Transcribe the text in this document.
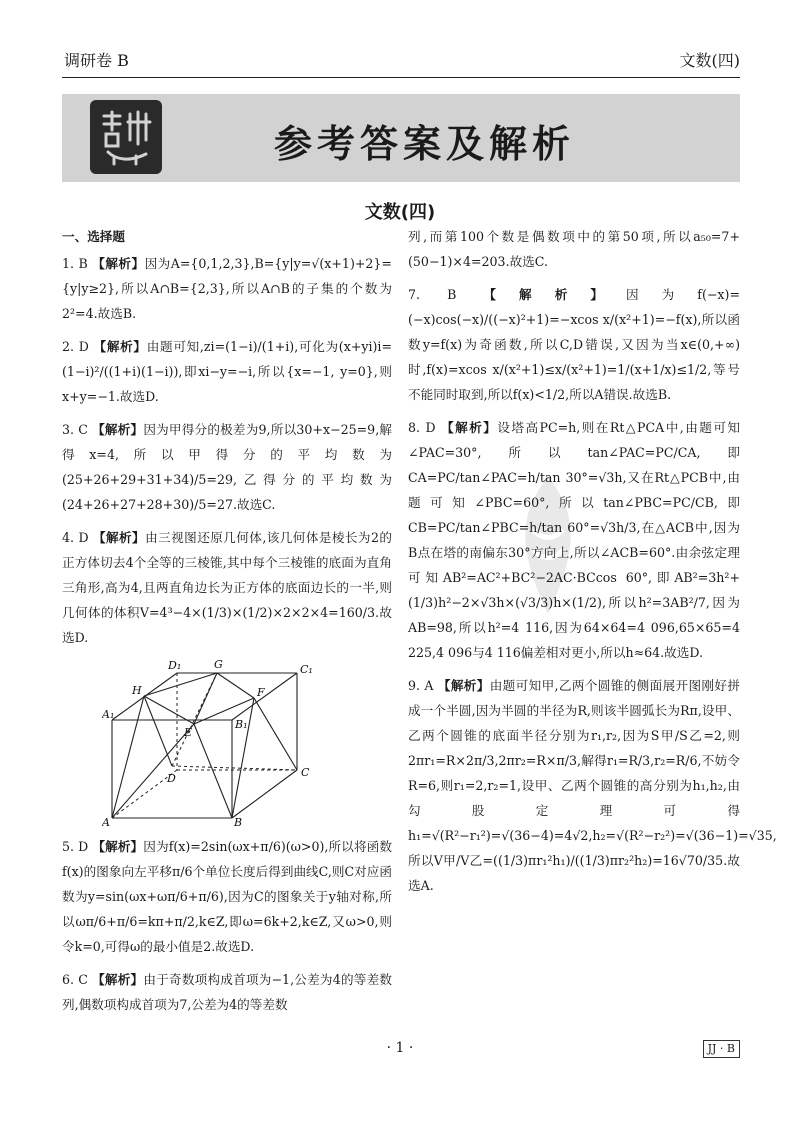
调研卷 B	文数(四)
参考答案及解析
文数(四)
一、选择题
1. B 【解析】因为A={0,1,2,3},B={y|y=√(x+1)+2}={y|y≥2},所以A∩B={2,3},所以A∩B的子集的个数为2²=4.故选B.
2. D 【解析】由题可知,zi=(1−i)/(1+i),可化为(x+yi)i=(1−i)²/((1+i)(1−i)),即xi−y=−i,所以{x=−1, y=0},则x+y=−1.故选D.
3. C 【解析】因为甲得分的极差为9,所以30+x−25=9,解得x=4,所以甲得分的平均数为(25+26+29+31+34)/5=29,乙得分的平均数为(24+26+27+28+30)/5=27.故选C.
4. D 【解析】由三视图还原几何体,该几何体是棱长为2的正方体切去4个全等的三棱锥,其中每个三棱锥的底面为直角三角形,高为4,且两直角边长为正方体的底面边长的一半,则几何体的体积V=4³−4×(1/3)×(1/2)×2×2×4=160/3.故选D.
D₁	G	C₁
H	F
A₁
E
B₁
D	C
A	B
5. D 【解析】因为f(x)=2sin(ωx+π/6)(ω>0),所以将函数f(x)的图象向左平移π/6个单位长度后得到曲线C,则C对应函数为y=sin(ωx+ωπ/6+π/6),因为C的图象关于y轴对称,所以ωπ/6+π/6=kπ+π/2,k∈Z,即ω=6k+2,k∈Z,又ω>0,则令k=0,可得ω的最小值是2.故选D.
6. C 【解析】由于奇数项构成首项为−1,公差为4的等差数列,偶数项构成首项为7,公差为4的等差数
列,而第100个数是偶数项中的第50项,所以a₅₀=7+(50−1)×4=203.故选C.
7. B 【解析】因为f(−x)=(−x)cos(−x)/((−x)²+1)=−xcos x/(x²+1)=−f(x),所以函数y=f(x)为奇函数,所以C,D错误,又因为当x∈(0,+∞)时,f(x)=xcos x/(x²+1)≤x/(x²+1)=1/(x+1/x)≤1/2,等号不能同时取到,所以f(x)<1/2,所以A错误.故选B.
8. D 【解析】设塔高PC=h,则在Rt△PCA中,由题可知∠PAC=30°,所以tan∠PAC=PC/CA,即CA=PC/tan∠PAC=h/tan 30°=√3h,又在Rt△PCB中,由题可知∠PBC=60°,所以tan∠PBC=PC/CB,即CB=PC/tan∠PBC=h/tan 60°=√3h/3,在△ACB中,因为B点在塔的南偏东30°方向上,所以∠ACB=60°.由余弦定理可知AB²=AC²+BC²−2AC·BCcos 60°,即AB²=3h²+(1/3)h²−2×√3h×(√3/3)h×(1/2),所以h²=3AB²/7,因为AB=98,所以h²=4 116,因为64×64=4 096,65×65=4 225,4 096与4 116偏差相对更小,所以h≈64.故选D.
9. A 【解析】由题可知甲,乙两个圆锥的侧面展开图刚好拼成一个半圆,因为半圆的半径为R,则该半圆弧长为Rπ,设甲、乙两个圆锥的底面半径分别为r₁,r₂,因为S甲/S乙=2,则2πr₁=R×2π/3,2πr₂=R×π/3,解得r₁=R/3,r₂=R/6,不妨令R=6,则r₁=2,r₂=1,设甲、乙两个圆锥的高分别为h₁,h₂,由勾股定理可得h₁=√(R²−r₁²)=√(36−4)=4√2,h₂=√(R²−r₂²)=√(36−1)=√35,所以V甲/V乙=((1/3)πr₁²h₁)/((1/3)πr₂²h₂)=16√70/35.故选A.
· 1 ·	JJ · B
